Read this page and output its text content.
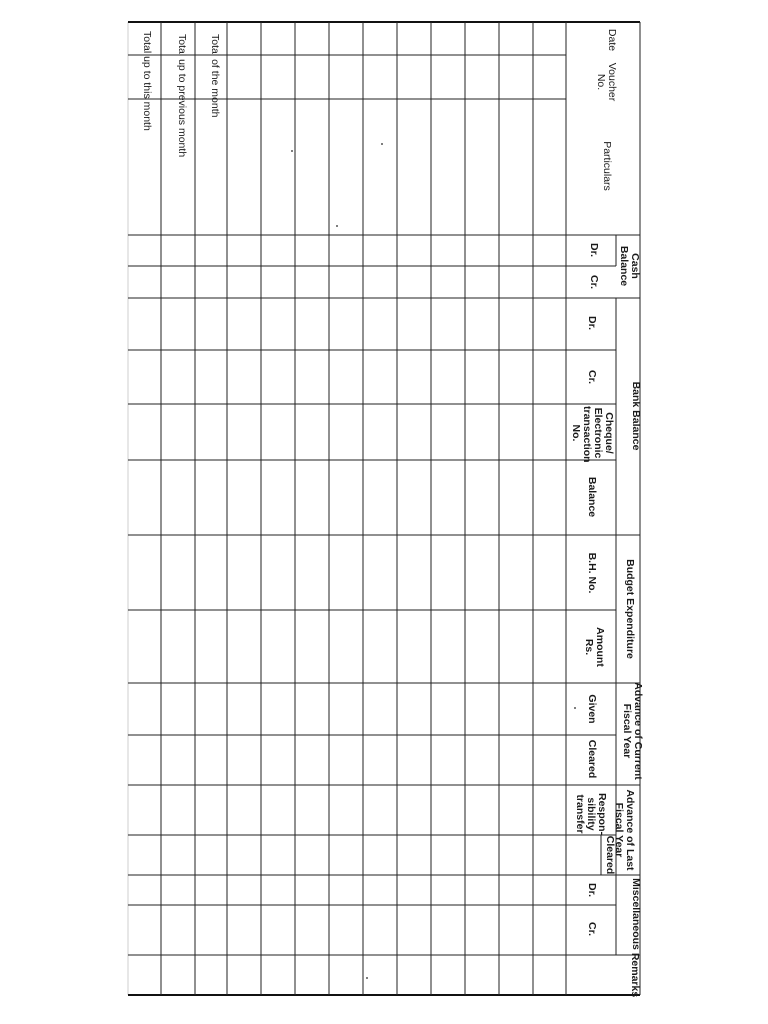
Date
Voucher
No.
Particulars
Cash
Balance
Dr.
Cr.
Bank Balance
Dr.
Cr.
Cheque/
Electronic
transaction
No.
Balance
Budget Expenditure
B.H. No.
Amount
Rs.
Advance of Current
Fiscal Year
Given
Cleared
Advance of Last
Fiscal Year
Respon-
sibility
transfer
Cleared
Miscellaneous
Dr.
Cr.
Remarks
Total of the month
Total up to previous month
Total up to this month
